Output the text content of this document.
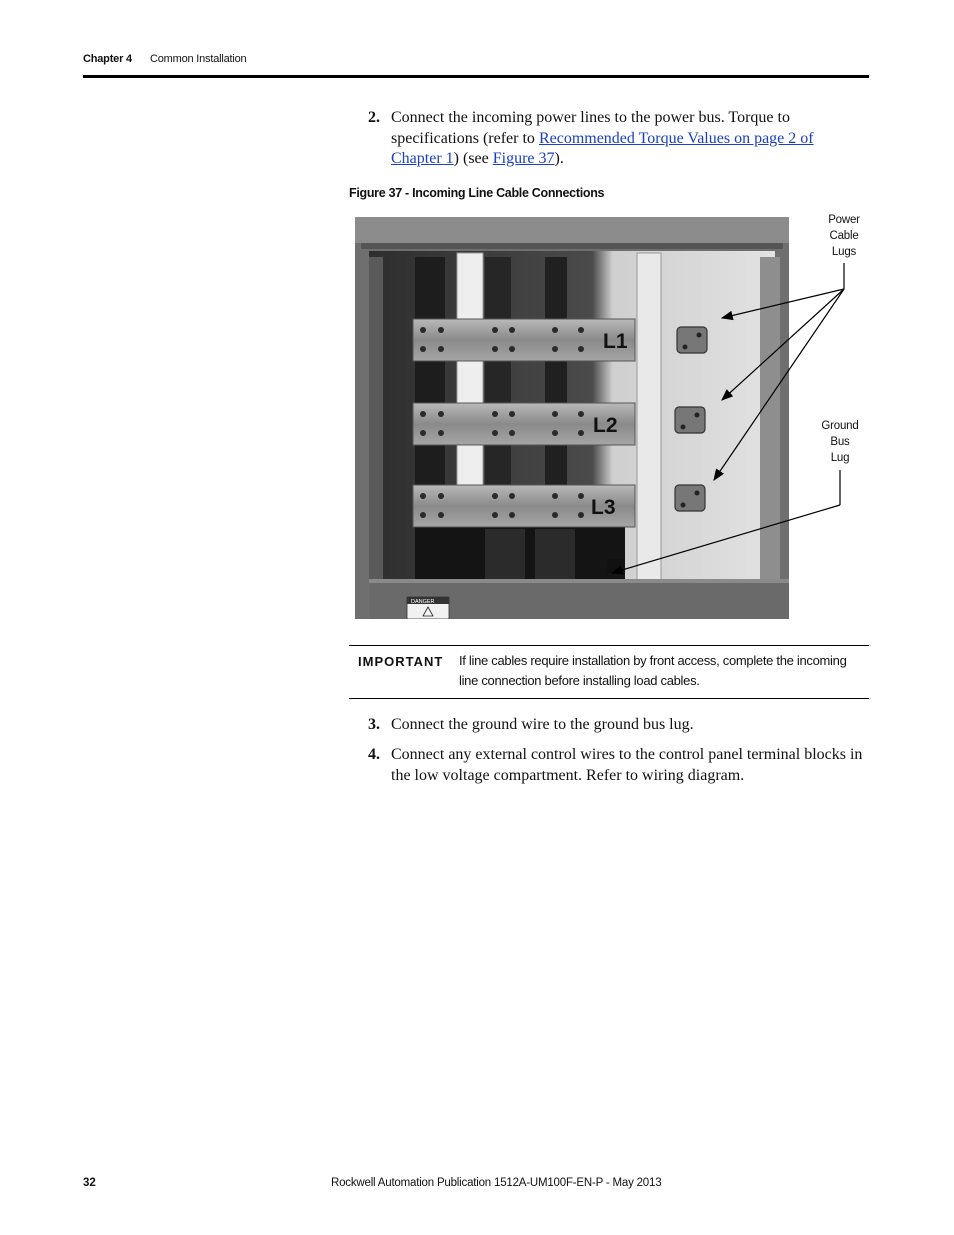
Chapter 4 Common Installation
2. Connect the incoming power lines to the power bus. Torque to specifications (refer to Recommended Torque Values on page 2 of Chapter 1) (see Figure 37).
Figure 37 - Incoming Line Cable Connections
L1
L2
L3
DANGER
Power
Cable
Lugs
Ground
Bus
Lug
IMPORTANT If line cables require installation by front access, complete the incoming line connection before installing load cables.
3. Connect the ground wire to the ground bus lug.
4. Connect any external control wires to the control panel terminal blocks in the low voltage compartment. Refer to wiring diagram.
32	Rockwell Automation Publication 1512A-UM100F-EN-P - May 2013
